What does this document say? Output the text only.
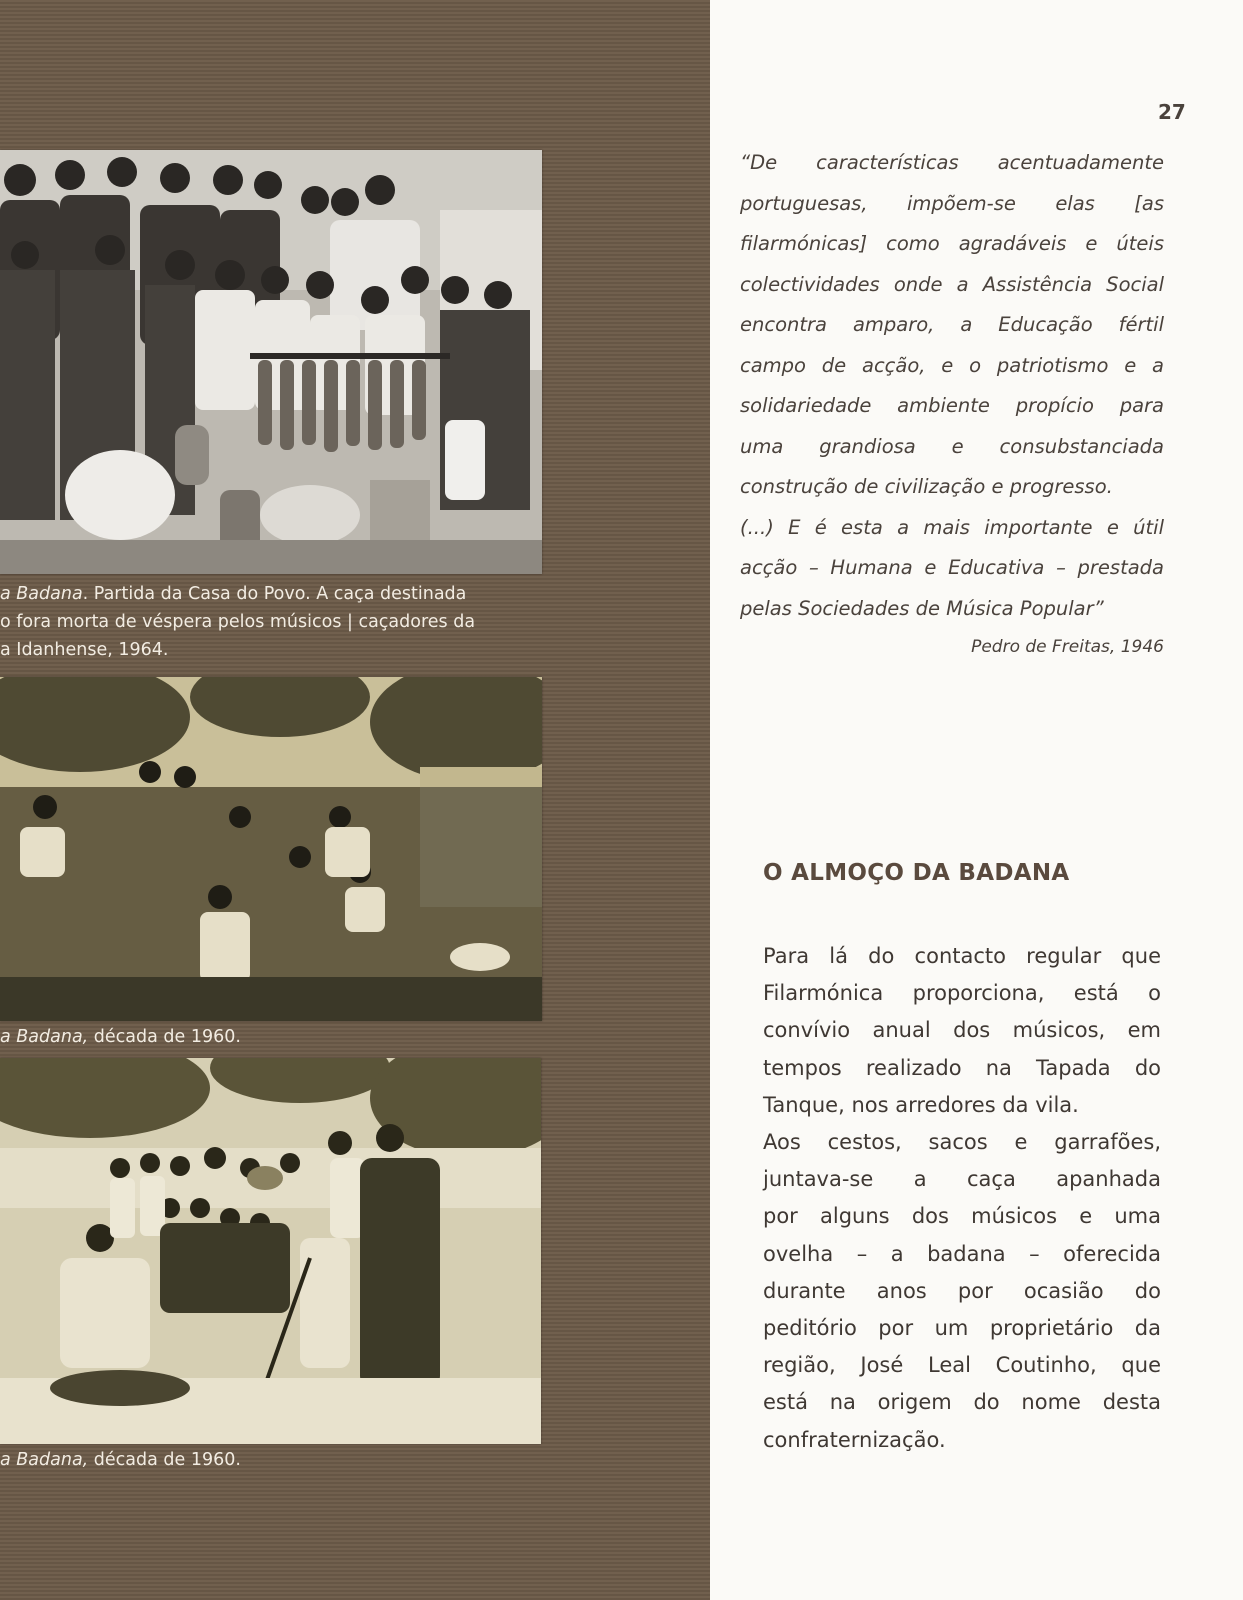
a Badana. Partida da Casa do Povo. A caça destinada
o fora morta de véspera pelos músicos | caçadores da
a Idanhense, 1964.
a Badana, década de 1960.
a Badana, década de 1960.
27
“De características acentuadamente
portuguesas, impõem-se elas [as
filarmónicas] como agradáveis e úteis
colectividades onde a Assistência Social
encontra amparo, a Educação fértil
campo de acção, e o patriotismo e a
solidariedade ambiente propício para
uma grandiosa e consubstanciada
construção de civilização e progresso.
(...) E é esta a mais importante e útil
acção – Humana e Educativa – prestada
pelas Sociedades de Música Popular”
Pedro de Freitas, 1946
O ALMOÇO DA BADANA
Para lá do contacto regular que
Filarmónica proporciona, está o
convívio anual dos músicos, em
tempos realizado na Tapada do
Tanque, nos arredores da vila.
Aos cestos, sacos e garrafões,
juntava-se a caça apanhada
por alguns dos músicos e uma
ovelha – a badana – oferecida
durante anos por ocasião do
peditório por um proprietário da
região, José Leal Coutinho, que
está na origem do nome desta
confraternização.
